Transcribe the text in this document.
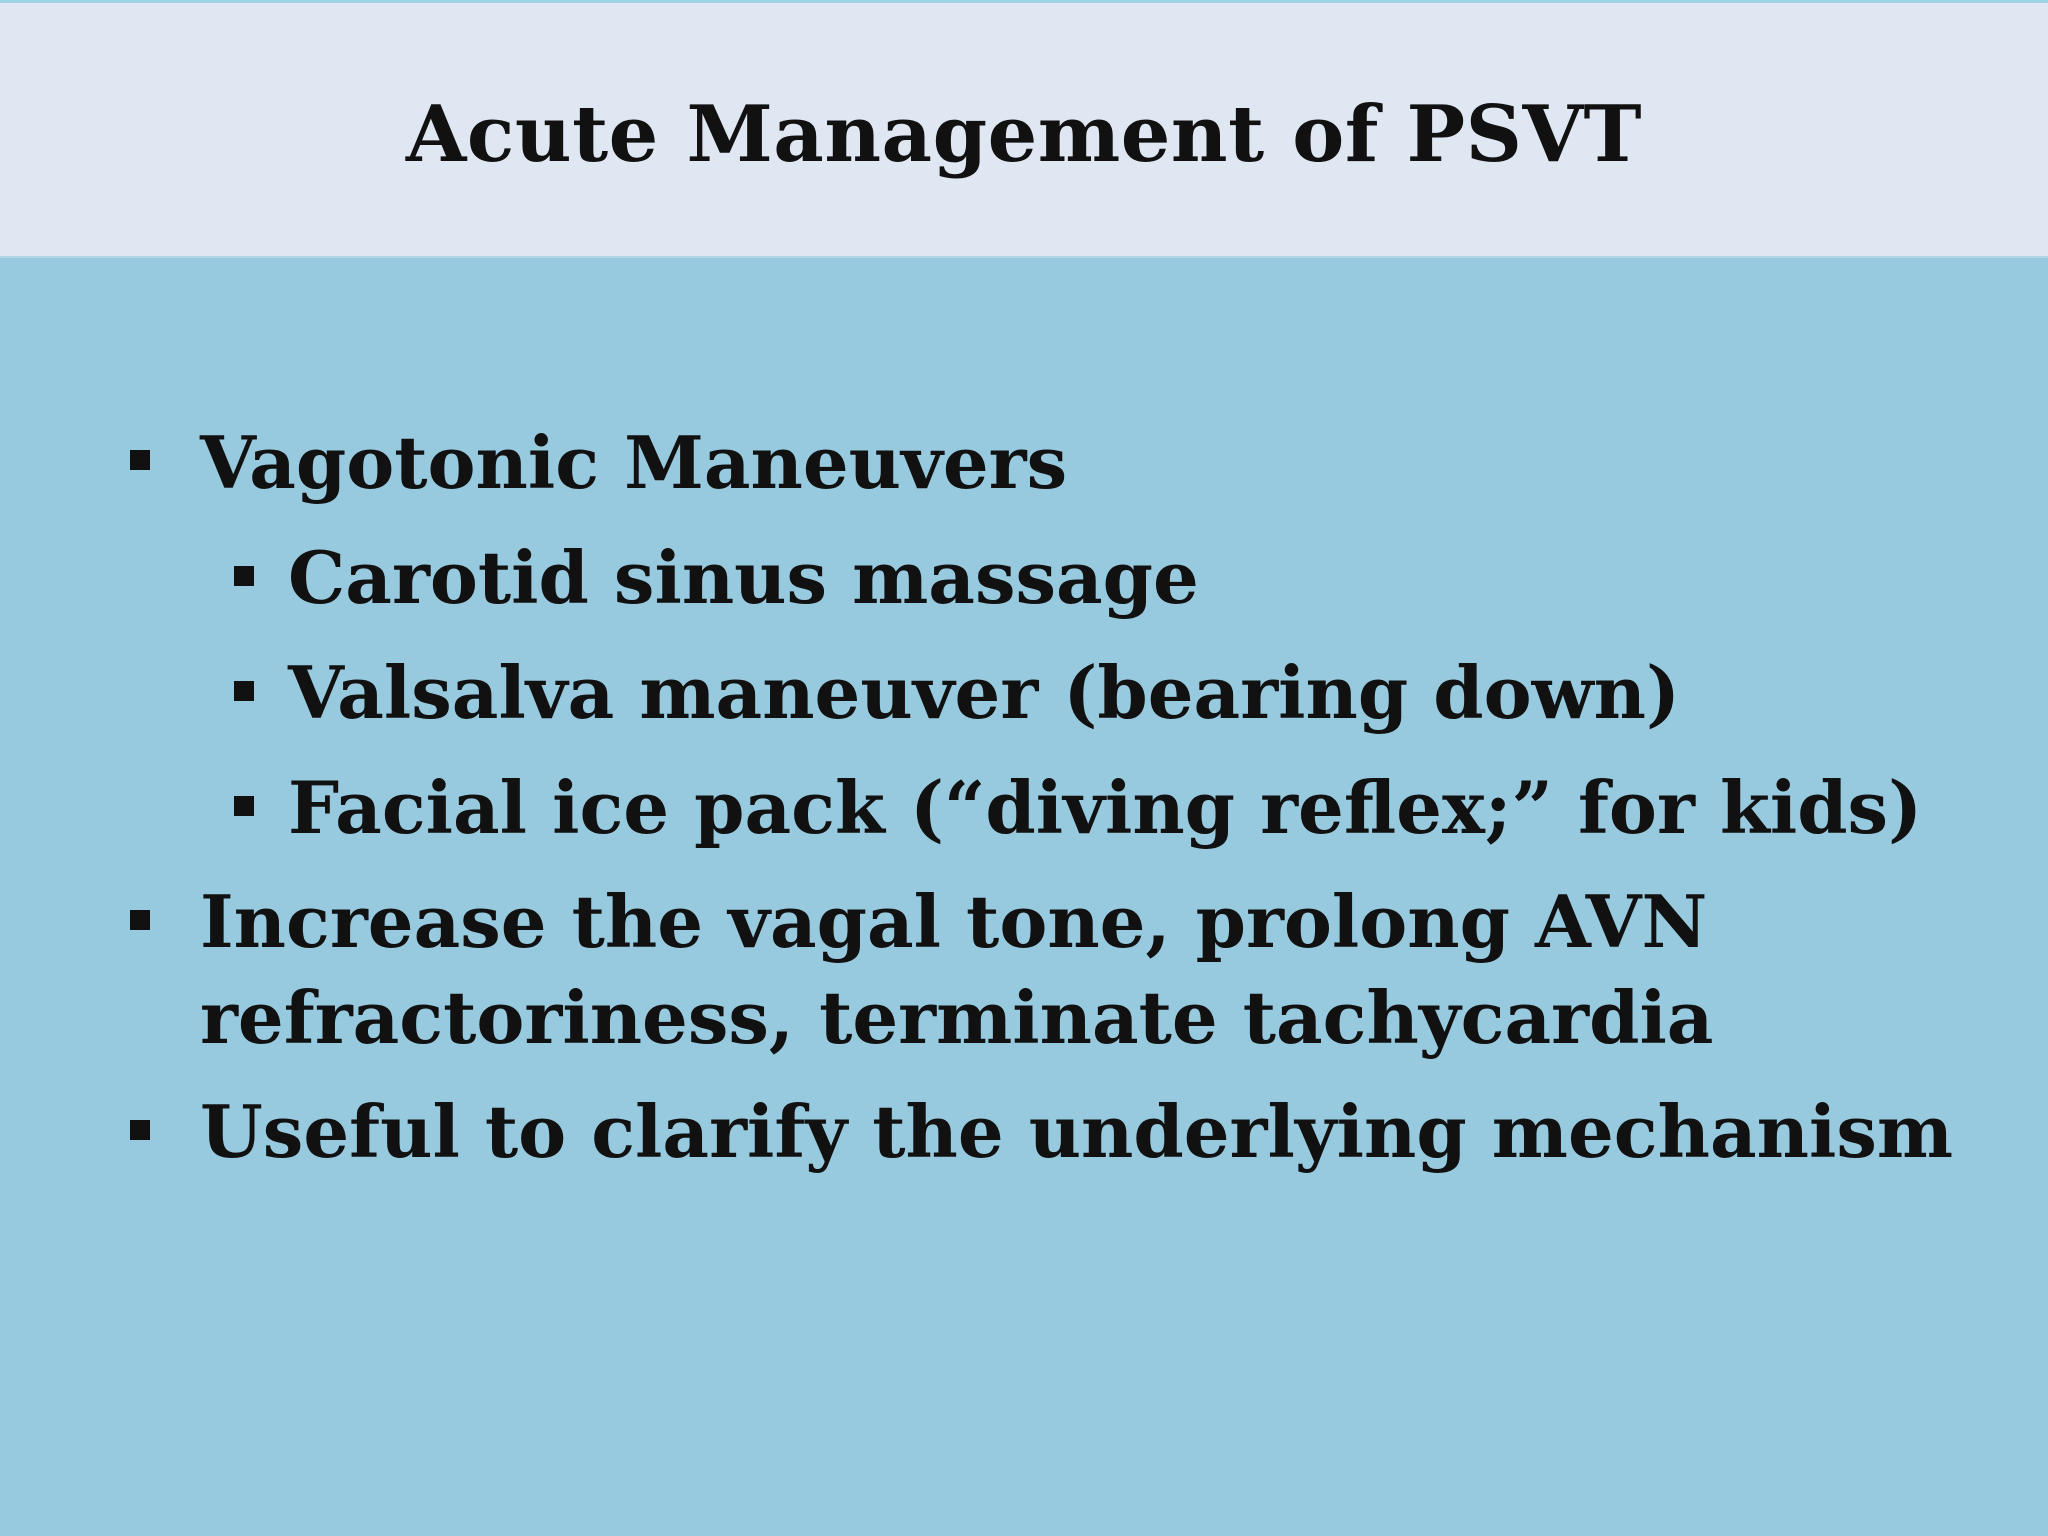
Acute Management of PSVT
Vagotonic Maneuvers
Carotid sinus massage
Valsalva maneuver (bearing down)
Facial ice pack (“diving reflex;” for kids)
Increase the vagal tone, prolong AVN
refractoriness, terminate tachycardia
Useful to clarify the underlying mechanism
